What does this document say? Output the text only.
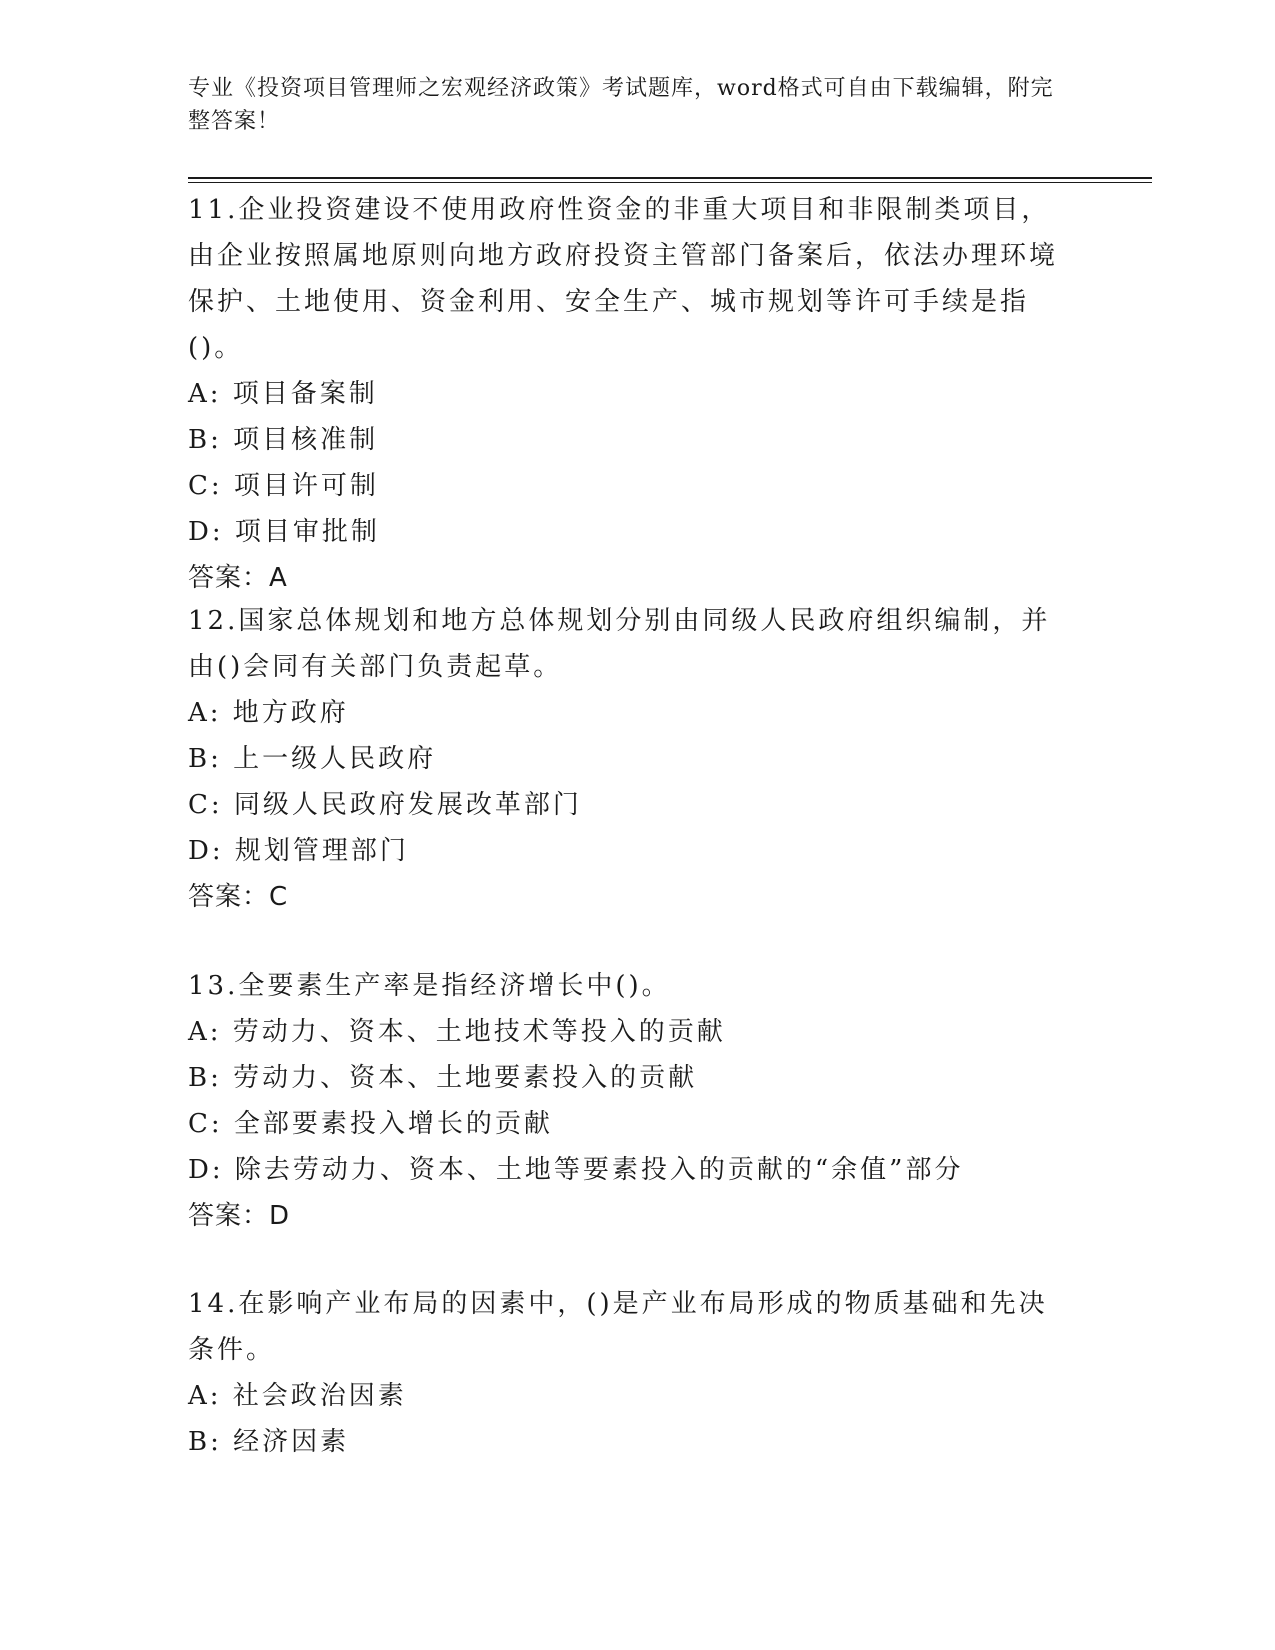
专业《投资项目管理师之宏观经济政策》考试题库，word格式可自由下载编辑，附完整答案！

11.企业投资建设不使用政府性资金的非重大项目和非限制类项目，由企业按照属地原则向地方政府投资主管部门备案后，依法办理环境保护、土地使用、资金利用、安全生产、城市规划等许可手续是指()。

A: 项目备案制

B: 项目核准制

C: 项目许可制

D: 项目审批制

答案：A

12.国家总体规划和地方总体规划分别由同级人民政府组织编制，并由()会同有关部门负责起草。

A: 地方政府

B: 上一级人民政府

C: 同级人民政府发展改革部门

D: 规划管理部门

答案：C

13.全要素生产率是指经济增长中()。

A: 劳动力、资本、土地技术等投入的贡献

B: 劳动力、资本、土地要素投入的贡献

C: 全部要素投入增长的贡献

D: 除去劳动力、资本、土地等要素投入的贡献的“余值”部分

答案：D

14.在影响产业布局的因素中，()是产业布局形成的物质基础和先决条件。

A: 社会政治因素

B: 经济因素
